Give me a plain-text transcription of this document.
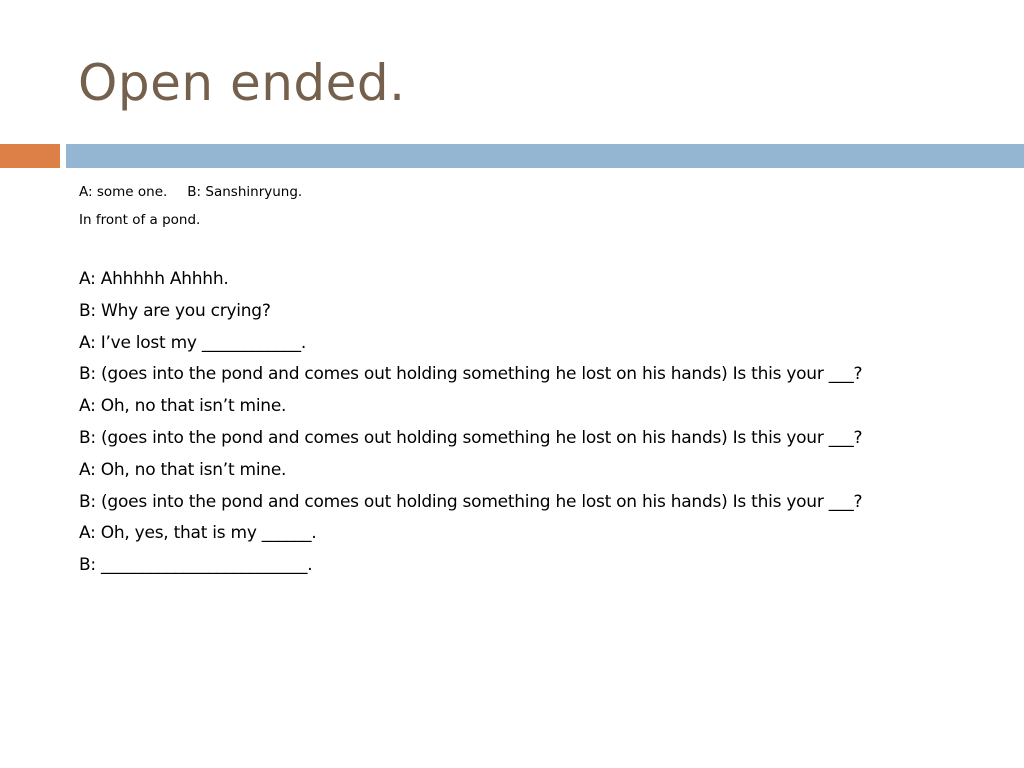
Open ended.
A: some one. B: Sanshinryung.
In front of a pond.
A: Ahhhhh Ahhhh.
B: Why are you crying?
A: I’ve lost my ____________.
B: (goes into the pond and comes out holding something he lost on his hands) Is this your ___?
A: Oh, no that isn’t mine.
B: (goes into the pond and comes out holding something he lost on his hands) Is this your ___?
A: Oh, no that isn’t mine.
B: (goes into the pond and comes out holding something he lost on his hands) Is this your ___?
A: Oh, yes, that is my ______.
B: _________________________.
